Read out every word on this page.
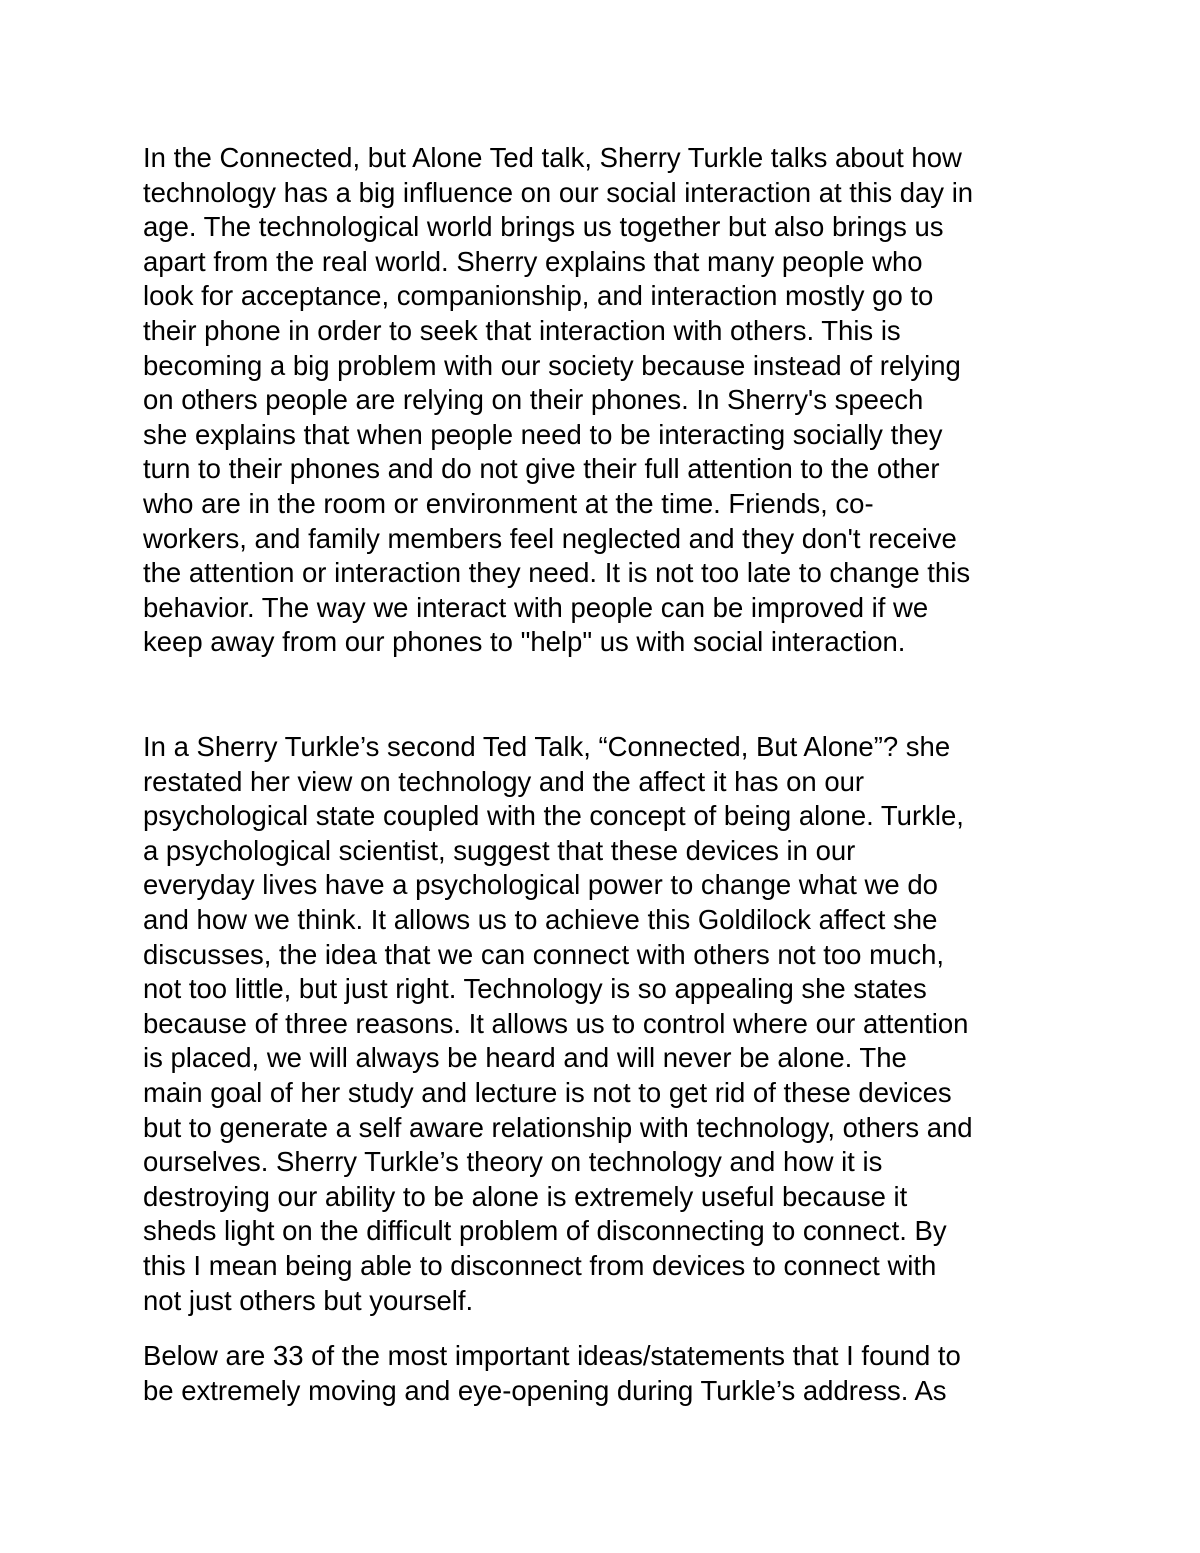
In the Connected, but Alone Ted talk, Sherry Turkle talks about how
technology has a big influence on our social interaction at this day in
age. The technological world brings us together but also brings us
apart from the real world. Sherry explains that many people who
look for acceptance, companionship, and interaction mostly go to
their phone in order to seek that interaction with others. This is
becoming a big problem with our society because instead of relying
on others people are relying on their phones. In Sherry's speech
she explains that when people need to be interacting socially they
turn to their phones and do not give their full attention to the other
who are in the room or environment at the time. Friends, co-
workers, and family members feel neglected and they don't receive
the attention or interaction they need. It is not too late to change this
behavior. The way we interact with people can be improved if we
keep away from our phones to "help" us with social interaction.

In a Sherry Turkle’s second Ted Talk, “Connected, But Alone”? she
restated her view on technology and the affect it has on our
psychological state coupled with the concept of being alone. Turkle,
a psychological scientist, suggest that these devices in our
everyday lives have a psychological power to change what we do
and how we think. It allows us to achieve this Goldilock affect she
discusses, the idea that we can connect with others not too much,
not too little, but just right. Technology is so appealing she states
because of three reasons. It allows us to control where our attention
is placed, we will always be heard and will never be alone. The
main goal of her study and lecture is not to get rid of these devices
but to generate a self aware relationship with technology, others and
ourselves. Sherry Turkle’s theory on technology and how it is
destroying our ability to be alone is extremely useful because it
sheds light on the difficult problem of disconnecting to connect. By
this I mean being able to disconnect from devices to connect with
not just others but yourself.

Below are 33 of the most important ideas/statements that I found to
be extremely moving and eye-opening during Turkle’s address. As
